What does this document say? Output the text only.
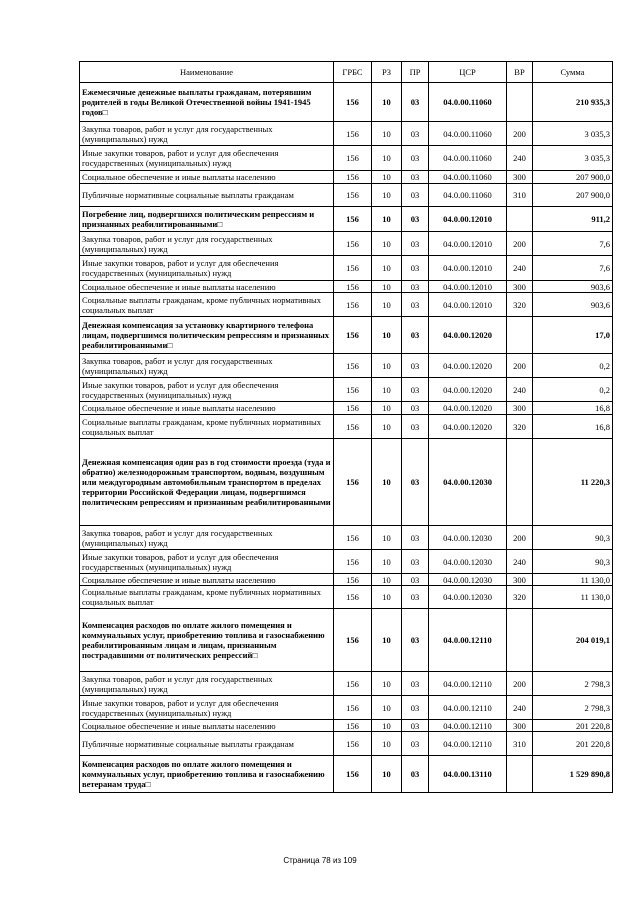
Наименование	ГРБС	РЗ	ПР	ЦСР	ВР	Сумма
Ежемесячные денежные выплаты гражданам, потерявшим родителей в годы Великой Отечественной войны 1941-1945 годов□	156	10	03	04.0.00.11060		210 935,3
Закупка товаров, работ и услуг для государственных (муниципальных) нужд	156	10	03	04.0.00.11060	200	3 035,3
Иные закупки товаров, работ и услуг для обеспечения государственных (муниципальных) нужд	156	10	03	04.0.00.11060	240	3 035,3
Социальное обеспечение и иные выплаты населению	156	10	03	04.0.00.11060	300	207 900,0
Публичные нормативные социальные выплаты гражданам	156	10	03	04.0.00.11060	310	207 900,0
Погребение лиц, подвергшихся политическим репрессиям и признанных реабилитированными□	156	10	03	04.0.00.12010		911,2
Закупка товаров, работ и услуг для государственных (муниципальных) нужд	156	10	03	04.0.00.12010	200	7,6
Иные закупки товаров, работ и услуг для обеспечения государственных (муниципальных) нужд	156	10	03	04.0.00.12010	240	7,6
Социальное обеспечение и иные выплаты населению	156	10	03	04.0.00.12010	300	903,6
Социальные выплаты гражданам, кроме публичных нормативных социальных выплат	156	10	03	04.0.00.12010	320	903,6
Денежная компенсация за установку квартирного телефона лицам, подвергшимся политическим репрессиям и признанных реабилитированными□	156	10	03	04.0.00.12020		17,0
Закупка товаров, работ и услуг для государственных (муниципальных) нужд	156	10	03	04.0.00.12020	200	0,2
Иные закупки товаров, работ и услуг для обеспечения государственных (муниципальных) нужд	156	10	03	04.0.00.12020	240	0,2
Социальное обеспечение и иные выплаты населению	156	10	03	04.0.00.12020	300	16,8
Социальные выплаты гражданам, кроме публичных нормативных социальных выплат	156	10	03	04.0.00.12020	320	16,8
Денежная компенсация один раз в год стоимости проезда (туда и обратно) железнодорожным транспортом, водным, воздушным или междугородным автомобильным транспортом в пределах территории Российской Федерации лицам, подвергшимся политическим репрессиям и признанным реабилитированными	156	10	03	04.0.00.12030		11 220,3
Закупка товаров, работ и услуг для государственных (муниципальных) нужд	156	10	03	04.0.00.12030	200	90,3
Иные закупки товаров, работ и услуг для обеспечения государственных (муниципальных) нужд	156	10	03	04.0.00.12030	240	90,3
Социальное обеспечение и иные выплаты населению	156	10	03	04.0.00.12030	300	11 130,0
Социальные выплаты гражданам, кроме публичных нормативных социальных выплат	156	10	03	04.0.00.12030	320	11 130,0
Компенсация расходов по оплате жилого помещения и коммунальных услуг, приобретению топлива и газоснабжению реабилитированным лицам и лицам, признанным пострадавшими от политических репрессий□	156	10	03	04.0.00.12110		204 019,1
Закупка товаров, работ и услуг для государственных (муниципальных) нужд	156	10	03	04.0.00.12110	200	2 798,3
Иные закупки товаров, работ и услуг для обеспечения государственных (муниципальных) нужд	156	10	03	04.0.00.12110	240	2 798,3
Социальное обеспечение и иные выплаты населению	156	10	03	04.0.00.12110	300	201 220,8
Публичные нормативные социальные выплаты гражданам	156	10	03	04.0.00.12110	310	201 220,8
Компенсация расходов по оплате жилого помещения и коммунальных услуг, приобретению топлива и газоснабжению ветеранам труда□	156	10	03	04.0.00.13110		1 529 890,8
Страница 78 из 109
